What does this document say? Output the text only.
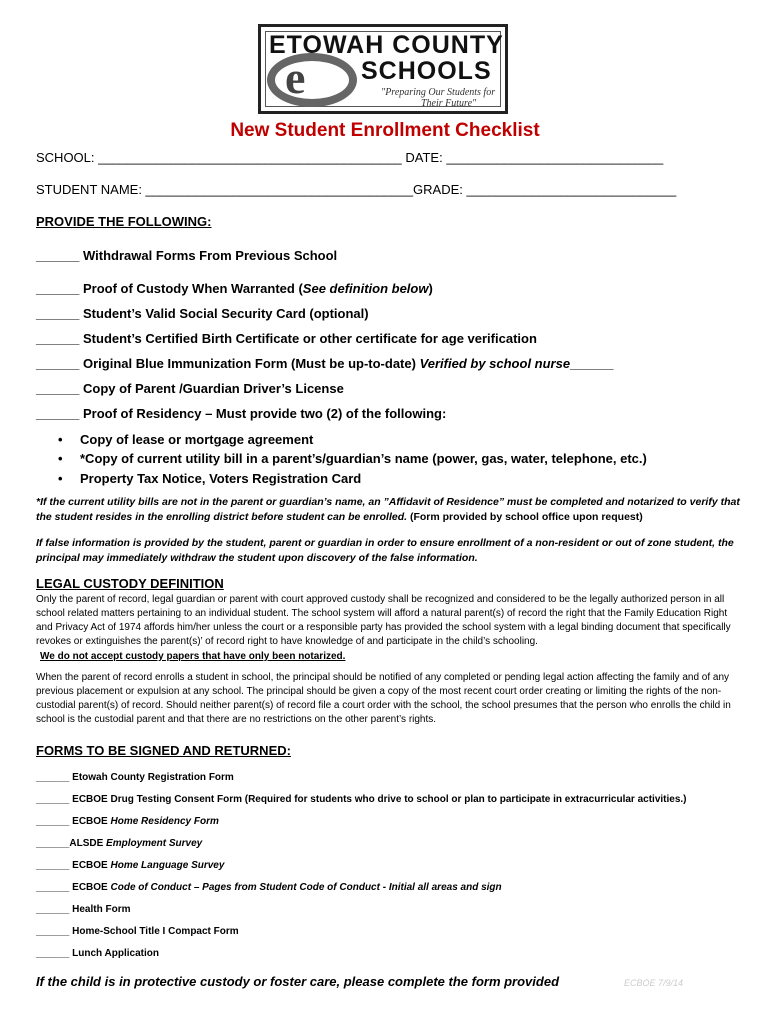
e
ETOWAH COUNTY
SCHOOLS
"Preparing Our Students for
Their Future"
New Student Enrollment Checklist
SCHOOL: __________________________________________ DATE: ______________________________
STUDENT NAME: _____________________________________GRADE: _____________________________
PROVIDE THE FOLLOWING:
______ Withdrawal Forms From Previous School
______ Proof of Custody When Warranted (See definition below)
______ Student’s Valid Social Security Card (optional)
______ Student’s Certified Birth Certificate or other certificate for age verification
______ Original Blue Immunization Form (Must be up-to-date) Verified by school nurse______
______ Copy of Parent /Guardian Driver’s License
______ Proof of Residency – Must provide two (2) of the following:
• Copy of lease or mortgage agreement
• *Copy of current utility bill in a parent’s/guardian’s name (power, gas, water, telephone, etc.)
• Property Tax Notice, Voters Registration Card
*If the current utility bills are not in the parent or guardian’s name, an ”Affidavit of Residence” must be completed and notarized to verify that the student resides in the enrolling district before student can be enrolled. (Form provided by school office upon request)
If false information is provided by the student, parent or guardian in order to ensure enrollment of a non-resident or out of zone student, the principal may immediately withdraw the student upon discovery of the false information.
LEGAL CUSTODY DEFINITION
Only the parent of record, legal guardian or parent with court approved custody shall be recognized and considered to be the legally authorized person in all school related matters pertaining to an individual student. The school system will afford a natural parent(s) of record the right that the Family Education Right and Privacy Act of 1974 affords him/her unless the court or a responsible party has provided the school system with a legal binding document that specifically revokes or extinguishes the parent(s)’ of record right to have knowledge of and participate in the child’s schooling.
We do not accept custody papers that have only been notarized.
When the parent of record enrolls a student in school, the principal should be notified of any completed or pending legal action affecting the family and of any previous placement or expulsion at any school. The principal should be given a copy of the most recent court order creating or limiting the rights of the non-custodial parent(s) of record. Should neither parent(s) of record file a court order with the school, the school presumes that the person who enrolls the child in school is the custodial parent and that there are no restrictions on the other parent’s rights.
FORMS TO BE SIGNED AND RETURNED:
______ Etowah County Registration Form
______ ECBOE Drug Testing Consent Form (Required for students who drive to school or plan to participate in extracurricular activities.)
______ ECBOE Home Residency Form
______ALSDE Employment Survey
______ ECBOE Home Language Survey
______ ECBOE Code of Conduct – Pages from Student Code of Conduct - Initial all areas and sign
______ Health Form
______ Home-School Title I Compact Form
______ Lunch Application
If the child is in protective custody or foster care, please complete the form provided	ECBOE 7/9/14
